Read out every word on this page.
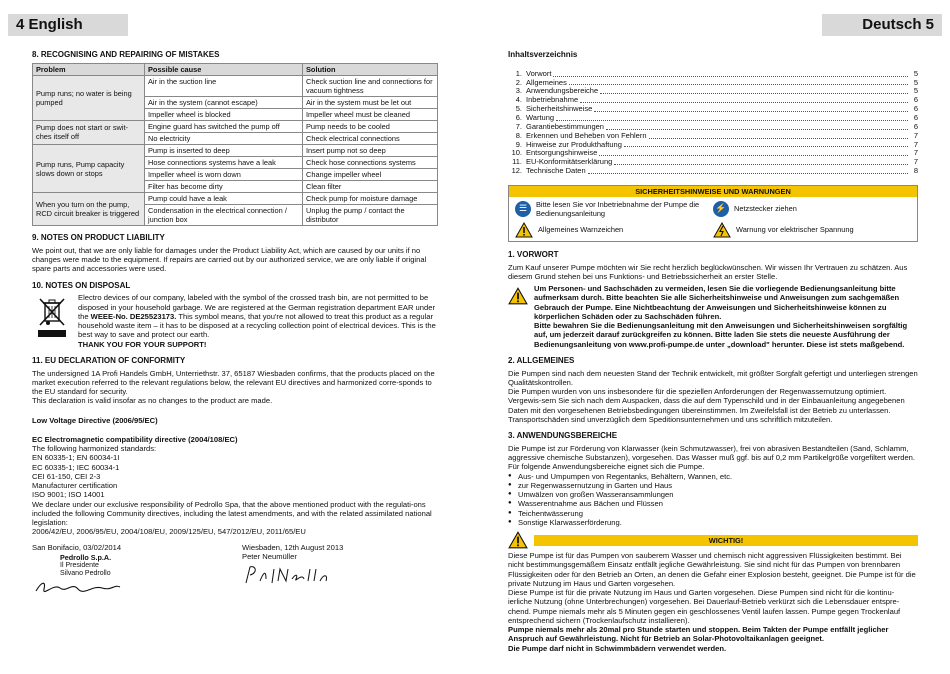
4 English	Deutsch 5
8. RECOGNISING AND REPAIRING OF MISTAKES
Problem	Possible cause	Solution
Pump runs; no water is being pumped	Air in the suction line	Check suction line and connections for vacuum tightness
	Air in the system (cannot escape)	Air in the system must be let out
	Impeller wheel is blocked	Impeller wheel must be cleaned
Pump does not start or swit-ches itself off	Engine guard has switched the pump off	Pump needs to be cooled
	No electricity	Check electrical connections
Pump runs, Pump capacity slows down or stops	Pump is inserted to deep	Insert pump not so deep
	Hose connections systems have a leak	Check hose connections systems
	Impeller wheel is worn down	Change impeller wheel
	Filter has become dirty	Clean filter
When you turn on the pump, RCD circuit breaker is triggered	Pump could have a leak	Check pump for moisture damage
	Condensation in the electrical connection / junction box	Unplug the pump / contact the distributor
9. NOTES ON PRODUCT LIABILITY

We point out, that we are only liable for damages under the Product Liability Act, which are caused by our units if no changes were made to the equipment. If repairs are carried out by our authorized service, we are only liable if original spare parts and accessories were used.

10. NOTES ON DISPOSAL

Electro devices of our company, labeled with the symbol of the crossed trash bin, are not permitted to be disposed in your household garbage. We are registered at the German registration department EAR under the WEEE-No. DE25523173. This symbol means, that you're not allowed to treat this product as a regular household waste item – it has to be disposed at a recycling collection point of electrical devices. This is the best way to save and protect our earth.
THANK YOU FOR YOUR SUPPORT!

11. EU DECLARATION OF CONFORMITY

The undersigned 1A Profi Handels GmbH, Unterriethstr. 37, 65187 Wiesbaden confirms, that the products placed on the market execution referred to the relevant regulations below, the relevant EU directives and harmonized corre-sponds to the EU standard for security.

This declaration is valid insofar as no changes to the product are made.

Low Voltage Directive (2006/95/EC)

EC Electromagnetic compatibility directive (2004/108/EC)

The following harmonized standards:

EN 60335-1; EN 60034-1I

EC 60335-1; IEC 60034-1

CEI 61-150, CEI 2-3

Manufacturer certification

ISO 9001; ISO 14001

We declare under our exclusive responsibility of Pedrollo Spa, that the above mentioned product with the regulati-ons included the following Community directives, including the latest amendments, and with the related assimilated national legislation:

2006/42/EU, 2006/95/EU, 2004/108/EU, 2009/125/EU, 547/2012/EU, 2011/65/EU

San Bonifacio, 03/02/2014

Pedrollo S.p.A.
Il Presidente
Silvano Pedrollo

Wiesbaden, 12th August 2013

Peter Neumüller

Inhaltsverzeichnis

1. Vorwort	5
2. Allgemeines	5
3. Anwendungsbereiche	5
4. Inbetriebnahme	6
5. Sicherheitshinweise	6
6. Wartung	6
7. Garantiebestimmungen	6
8. Erkennen und Beheben von Fehlern	7
9. Hinweise zur Produkthaftung	7
10. Entsorgungshinweise	7
11. EU-Konformitätserklärung	7
12. Technische Daten	8
SICHERHEITSHINWEISE UND WARNUNGEN
☰	Bitte lesen Sie vor Inbetriebnahme der Pumpe die Bedienungsanleitung	⚡ Netzstecker ziehen
Allgemeines Warnzeichen	Warnung vor elektrischer Spannung
1. VORWORT

Zum Kauf unserer Pumpe möchten wir Sie recht herzlich beglückwünschen. Wir wissen Ihr Vertrauen zu schätzen. Aus diesem Grund stehen bei uns Funktions- und Betriebssicherheit an erster Stelle.

Um Personen- und Sachschäden zu vermeiden, lesen Sie die vorliegende Bedienungsanleitung bitte aufmerksam durch. Bitte beachten Sie alle Sicherheitshinweise und Anweisungen zum sachgemäßen Gebrauch der Pumpe. Eine Nichtbeachtung der Anweisungen und Sicherheitshinweise können zu körperlichen Schäden oder zu Sachschäden führen.

Bitte bewahren Sie die Bedienungsanleitung mit den Anweisungen und Sicherheitshinweisen sorgfältig auf, um jederzeit darauf zurückgreifen zu können. Bitte laden Sie stets die neueste Ausführung der Bedienungsanleitung von www.profi-pumpe.de unter „download" herunter. Diese ist stets maßgebend.

2. ALLGEMEINES

Die Pumpen sind nach dem neuesten Stand der Technik entwickelt, mit größter Sorgfalt gefertigt und unterliegen strengen Qualitätskontrollen.

Die Pumpen wurden von uns insbesondere für die speziellen Anforderungen der Regenwassernutzung optimiert. Vergewis-sern Sie sich nach dem Auspacken, dass die auf dem Typenschild und in der Einbauanleitung angegebenen Daten mit den vorgesehenen Betriebsbedingungen übereinstimmen. Im Zweifelsfall ist der Betrieb zu unterlassen.

Transportschäden sind unverzüglich dem Speditionsunternehmen und uns schriftlich mitzuteilen.

3. ANWENDUNGSBEREICHE

Die Pumpe ist zur Förderung von Klarwasser (kein Schmutzwasser), frei von abrasiven Bestandteilen (Sand, Schlamm, aggressive chemische Substanzen), vorgesehen. Das Wasser muß ggf. bis auf 0,2 mm Partikelgröße vorgefiltert werden. Für folgende Anwendungsbereiche eignet sich die Pumpe.

● Aus- und Umpumpen von Regentanks, Behältern, Wannen, etc.
● zur Regenwassernutzung in Garten und Haus
● Umwälzen von großen Wasseransammlungen
● Wasserentnahme aus Bächen und Flüssen
● Teichentwässerung
● Sonstige Klarwasserförderung.
WICHTIG!

Diese Pumpe ist für das Pumpen von sauberem Wasser und chemisch nicht aggressiven Flüssigkeiten bestimmt. Bei nicht bestimmungsgemäßem Einsatz entfällt jegliche Gewährleistung. Sie sind nicht für das Pumpen von brennbaren Flüssigkeiten oder für den Betrieb an Orten, an denen die Gefahr einer Explosion besteht, geeignet. Die Pumpe ist für die private Nutzung im Haus und Garten vorgesehen.

Diese Pumpe ist für die private Nutzung im Haus und Garten vorgesehen. Diese Pumpen sind nicht für die kontinu-ierliche Nutzung (ohne Unterbrechungen) vorgesehen. Bei Dauerlauf-Betrieb verkürzt sich die Lebensdauer entspre-chend. Pumpe niemals mehr als 5 Minuten gegen ein geschlossenes Ventil laufen lassen. Pumpe gegen Trockenlauf entsprechend sichern (Trockenlaufschutz installieren).

Pumpe niemals mehr als 20mal pro Stunde starten und stoppen. Beim Takten der Pumpe entfällt jeglicher Anspruch auf Gewährleistung. Nicht für Betrieb an Solar-Photovoltaikanlagen geeignet.

Die Pumpe darf nicht in Schwimmbädern verwendet werden.
